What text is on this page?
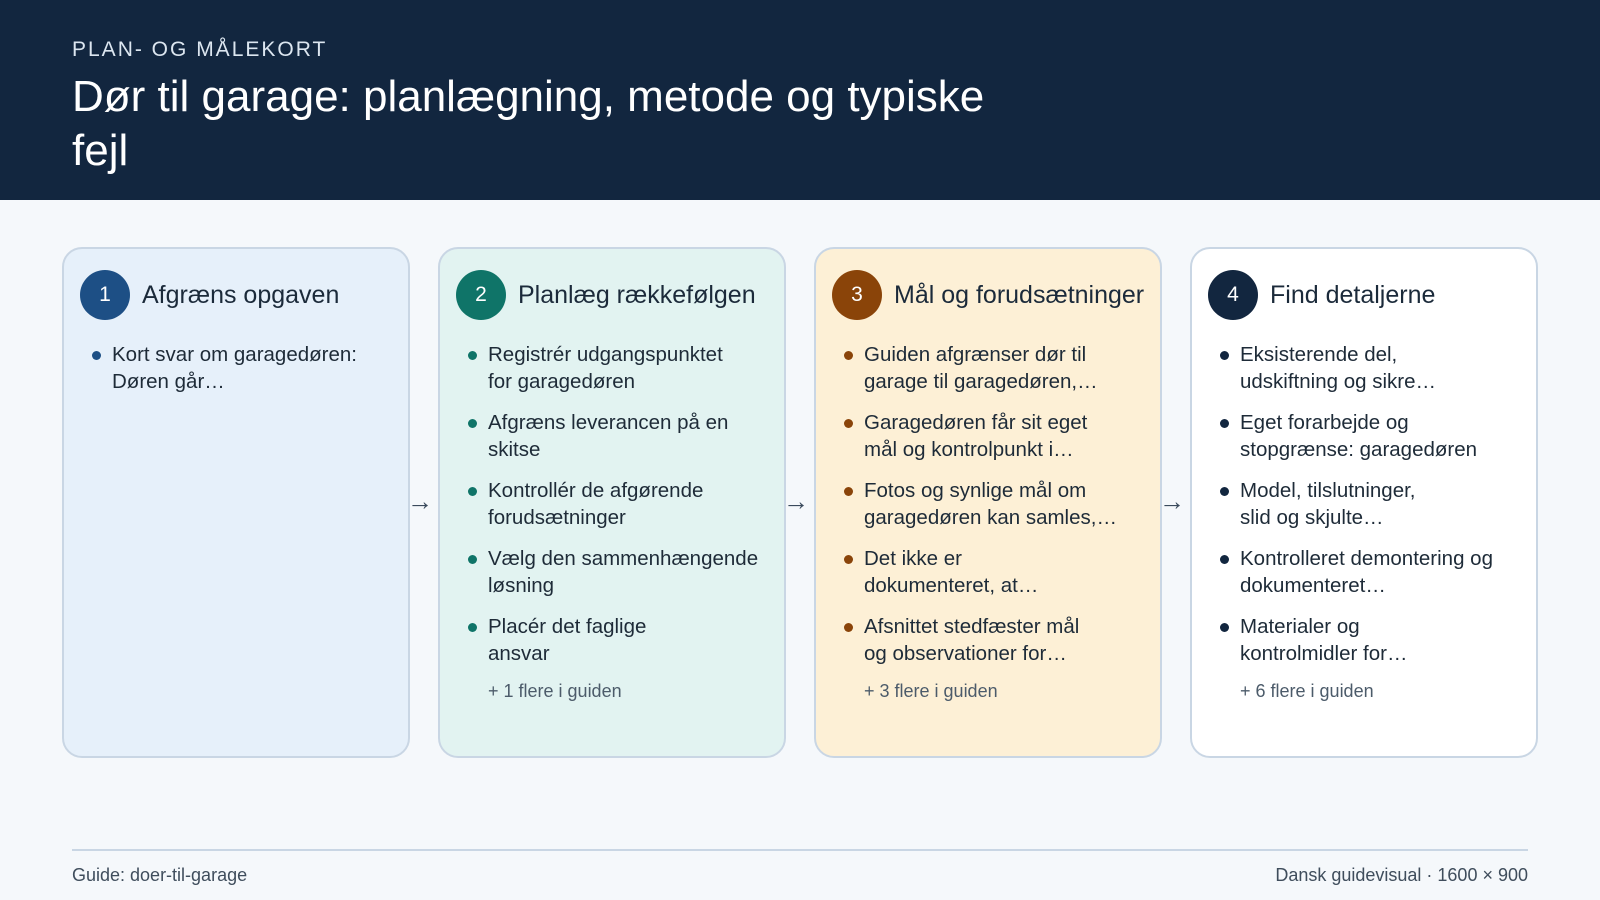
PLAN- OG MÅLEKORT
Dør til garage: planlægning, metode og typiske fejl
1	Afgræns opgaven
Kort svar om garagedøren: Døren går…
→
2	Planlæg rækkefølgen
Registrér udgangspunktet for garagedøren
Afgræns leverancen på en skitse
Kontrollér de afgørende forudsætninger
Vælg den sammenhængende løsning
Placér det faglige ansvar
+ 1 flere i guiden
→
3	Mål og forudsætninger
Guiden afgrænser dør til garage til garagedøren,…
Garagedøren får sit eget mål og kontrolpunkt i…
Fotos og synlige mål om garagedøren kan samles,…
Det ikke er dokumenteret, at…
Afsnittet stedfæster mål og observationer for…
+ 3 flere i guiden
→
4	Find detaljerne
Eksisterende del, udskiftning og sikre…
Eget forarbejde og stopgrænse: garagedøren
Model, tilslutninger, slid og skjulte…
Kontrolleret demontering og dokumenteret…
Materialer og kontrolmidler for…
+ 6 flere i guiden
Guide: doer-til-garage	Dansk guidevisual · 1600 × 900
